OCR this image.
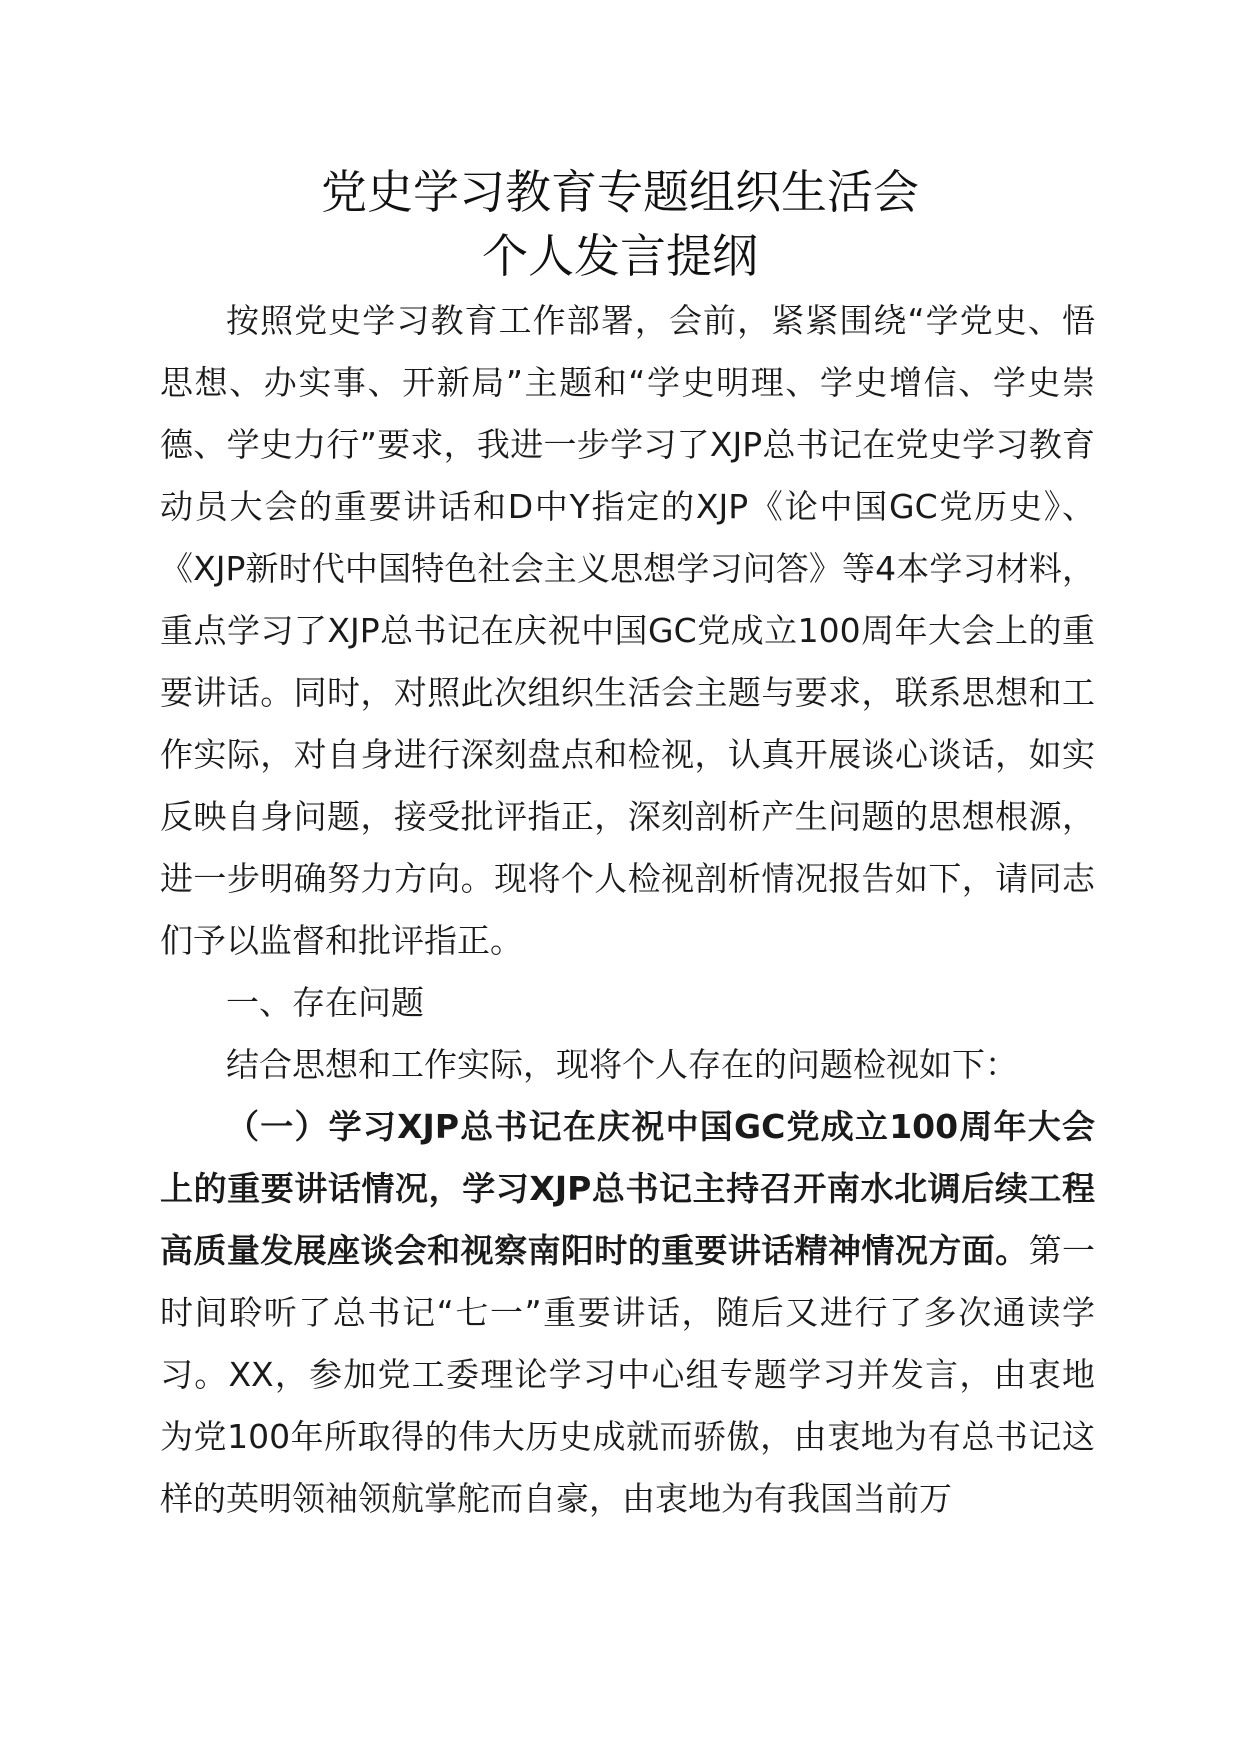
党史学习教育专题组织生活会
个人发言提纲

按照党史学习教育工作部署，会前，紧紧围绕“学党史、悟思想、办实事、开新局”主题和“学史明理、学史增信、学史崇德、学史力行”要求，我进一步学习了XJP总书记在党史学习教育动员大会的重要讲话和D中Y指定的XJP《论中国GC党历史》、《XJP新时代中国特色社会主义思想学习问答》等4本学习材料，重点学习了XJP总书记在庆祝中国GC党成立100周年大会上的重要讲话。同时，对照此次组织生活会主题与要求，联系思想和工作实际，对自身进行深刻盘点和检视，认真开展谈心谈话，如实反映自身问题，接受批评指正，深刻剖析产生问题的思想根源，进一步明确努力方向。现将个人检视剖析情况报告如下，请同志们予以监督和批评指正。

一、存在问题

结合思想和工作实际，现将个人存在的问题检视如下：

（一）学习XJP总书记在庆祝中国GC党成立100周年大会上的重要讲话情况，学习XJP总书记主持召开南水北调后续工程高质量发展座谈会和视察南阳时的重要讲话精神情况方面。第一时间聆听了总书记“七一”重要讲话，随后又进行了多次通读学习。XX，参加党工委理论学习中心组专题学习并发言，由衷地为党100年所取得的伟大历史成就而骄傲，由衷地为有总书记这样的英明领袖领航掌舵而自豪，由衷地为有我国当前万
